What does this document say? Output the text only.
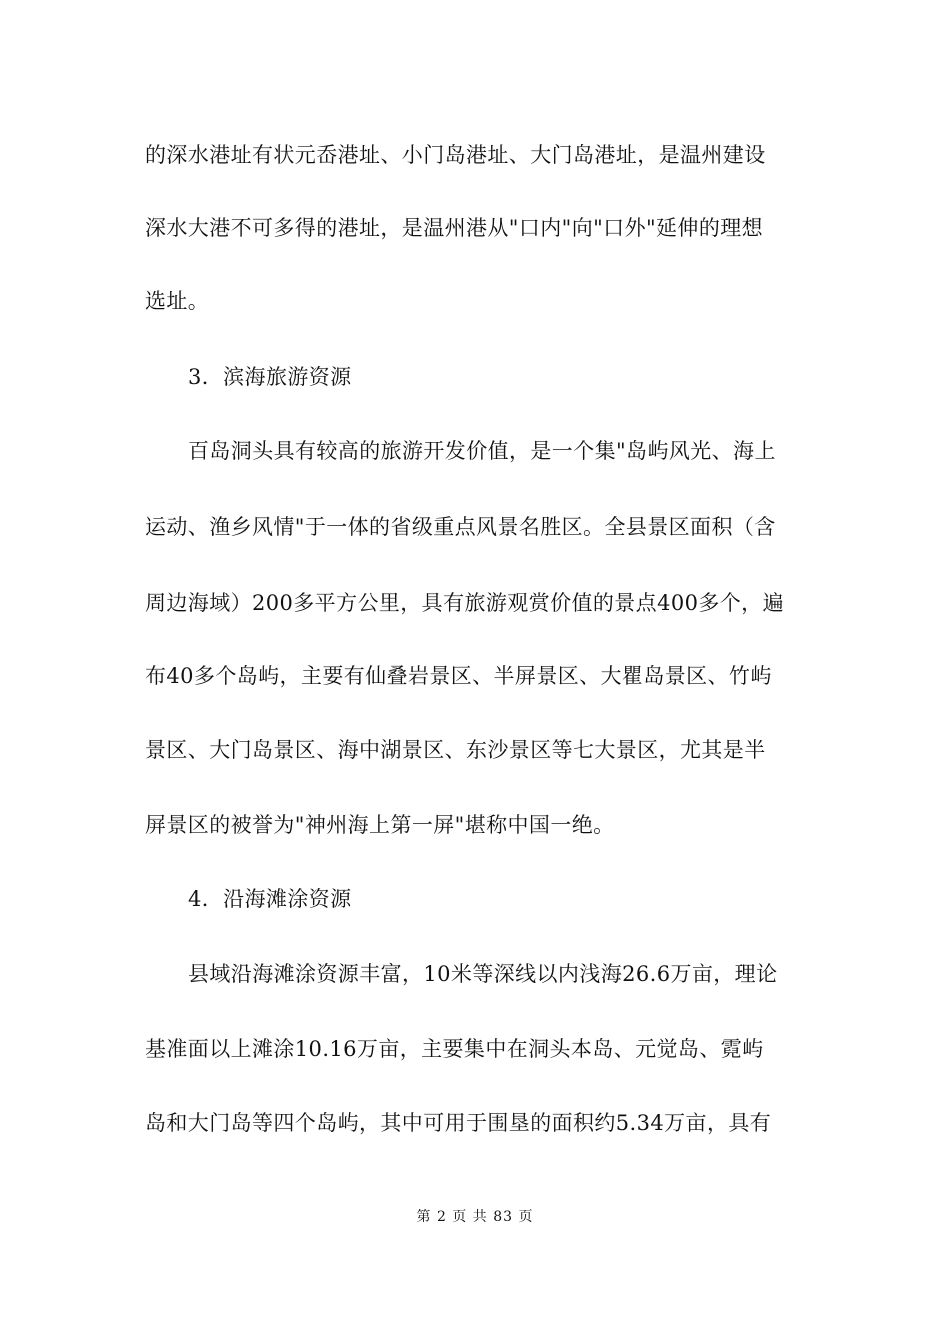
的深水港址有状元岙港址、小门岛港址、大门岛港址，是温州建设
深水大港不可多得的港址，是温州港从"口内"向"口外"延伸的理想
选址。
3．滨海旅游资源
百岛洞头具有较高的旅游开发价值，是一个集"岛屿风光、海上
运动、渔乡风情"于一体的省级重点风景名胜区。全县景区面积（含
周边海域）200多平方公里，具有旅游观赏价值的景点400多个，遍
布40多个岛屿，主要有仙叠岩景区、半屏景区、大瞿岛景区、竹屿
景区、大门岛景区、海中湖景区、东沙景区等七大景区，尤其是半
屏景区的被誉为"神州海上第一屏"堪称中国一绝。
4．沿海滩涂资源
县域沿海滩涂资源丰富，10米等深线以内浅海26.6万亩，理论
基准面以上滩涂10.16万亩，主要集中在洞头本岛、元觉岛、霓屿
岛和大门岛等四个岛屿，其中可用于围垦的面积约5.34万亩，具有
第 2 页 共 83 页
